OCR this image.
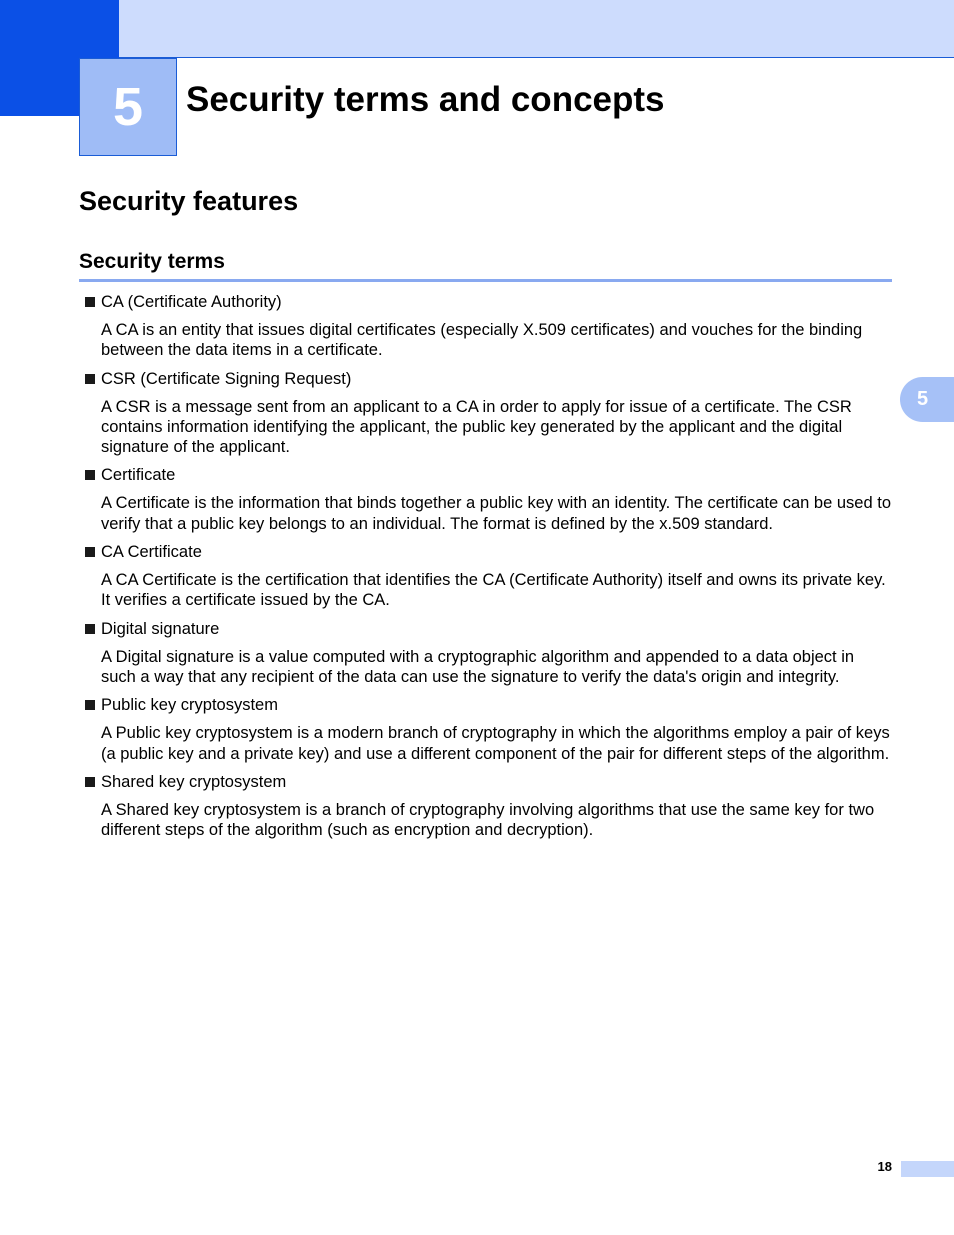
5 Security terms and concepts
Security features
Security terms
CA (Certificate Authority)

A CA is an entity that issues digital certificates (especially X.509 certificates) and vouches for the binding between the data items in a certificate.

CSR (Certificate Signing Request)

A CSR is a message sent from an applicant to a CA in order to apply for issue of a certificate. The CSR contains information identifying the applicant, the public key generated by the applicant and the digital signature of the applicant.

Certificate

A Certificate is the information that binds together a public key with an identity. The certificate can be used to verify that a public key belongs to an individual. The format is defined by the x.509 standard.

CA Certificate

A CA Certificate is the certification that identifies the CA (Certificate Authority) itself and owns its private key. It verifies a certificate issued by the CA.

Digital signature

A Digital signature is a value computed with a cryptographic algorithm and appended to a data object in such a way that any recipient of the data can use the signature to verify the data's origin and integrity.

Public key cryptosystem

A Public key cryptosystem is a modern branch of cryptography in which the algorithms employ a pair of keys (a public key and a private key) and use a different component of the pair for different steps of the algorithm.

Shared key cryptosystem

A Shared key cryptosystem is a branch of cryptography involving algorithms that use the same key for two different steps of the algorithm (such as encryption and decryption).

5
18
